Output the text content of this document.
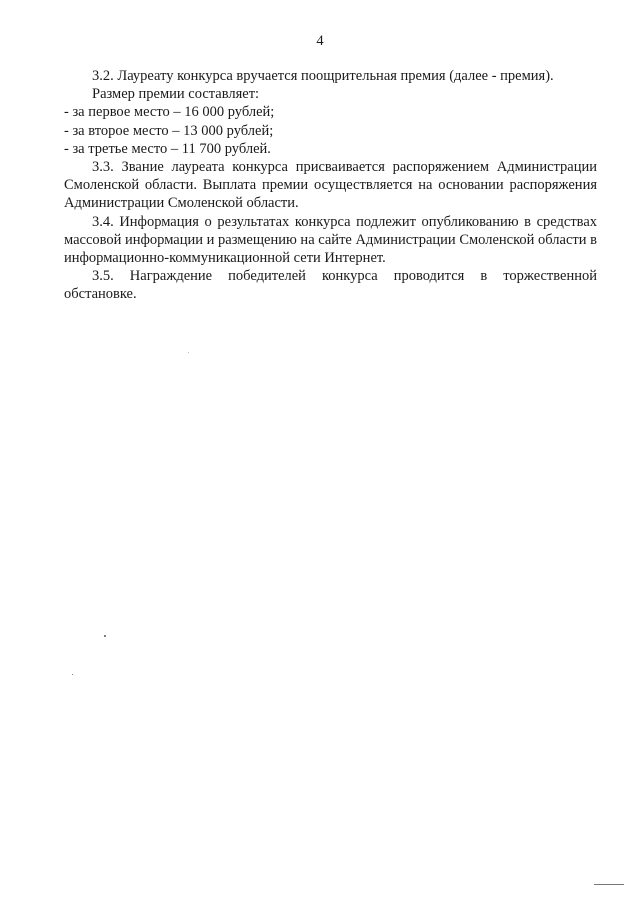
4

3.2. Лауреату конкурса вручается поощрительная премия (далее - премия).

Размер премии составляет:

- за первое место – 16 000 рублей;

- за второе место – 13 000 рублей;

- за третье место – 11 700 рублей.

3.3. Звание лауреата конкурса присваивается распоряжением Администрации Смоленской области. Выплата премии осуществляется на основании распоряжения Администрации Смоленской области.

3.4. Информация о результатах конкурса подлежит опубликованию в средствах массовой информации и размещению на сайте Администрации Смоленской области в информационно-коммуникационной сети Интернет.

3.5. Награждение победителей конкурса проводится в торжественной обстановке.
